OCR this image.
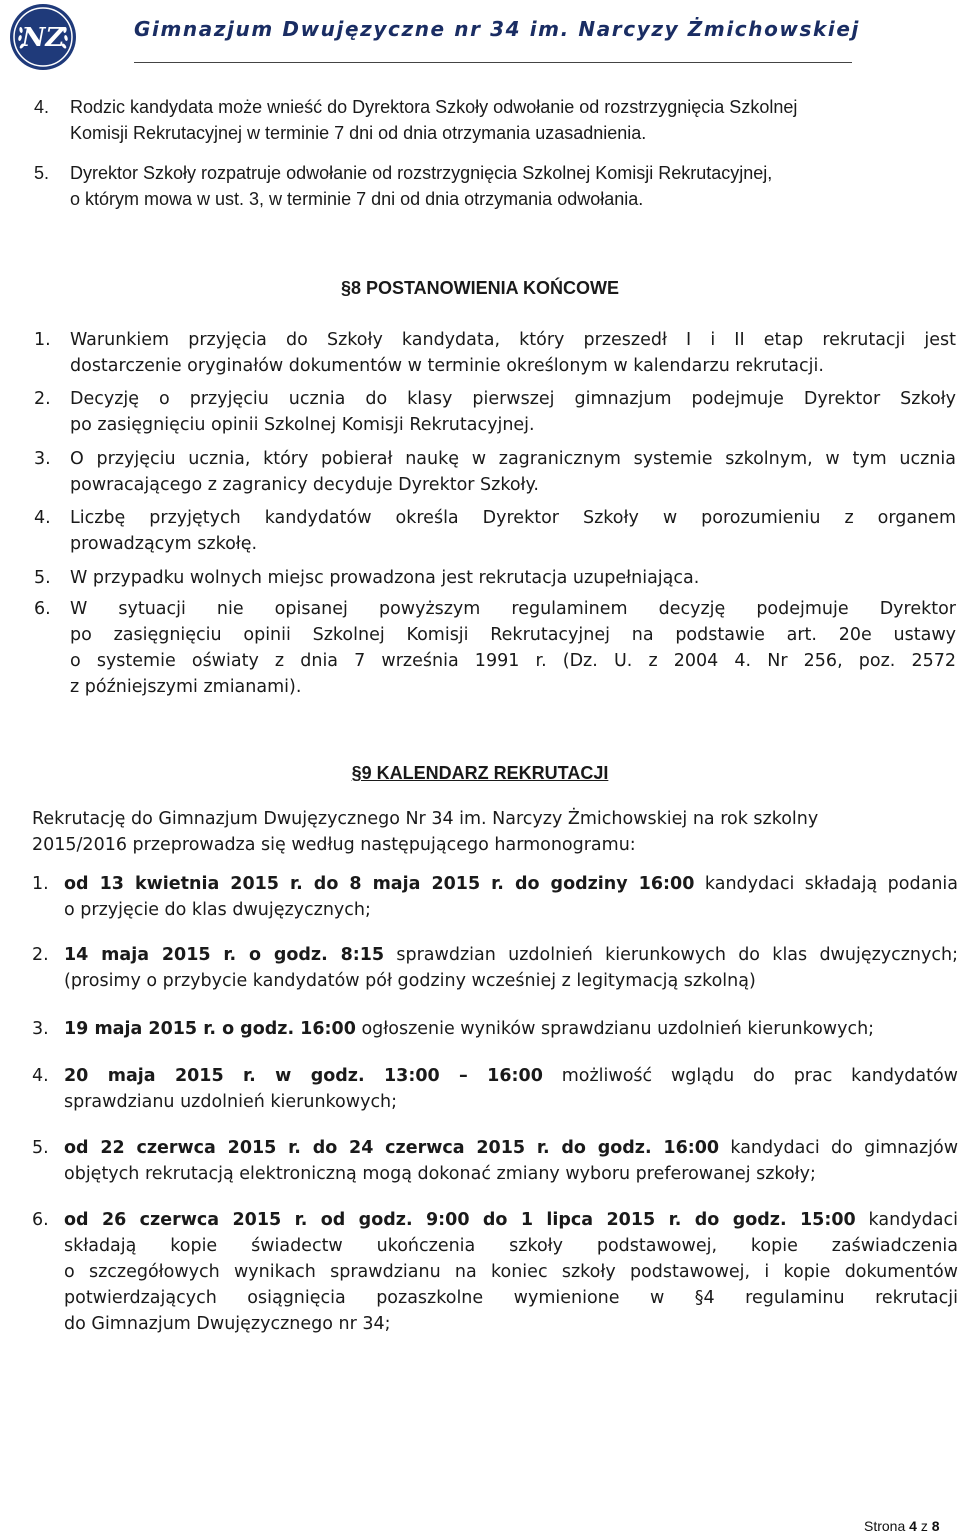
NZ	Gimnazjum Dwujęzyczne nr 34 im. Narcyzy Żmichowskiej
4. Rodzic kandydata może wnieść do Dyrektora Szkoły odwołanie od rozstrzygnięcia Szkolnej
Komisji Rekrutacyjnej w terminie 7 dni od dnia otrzymania uzasadnienia.
5. Dyrektor Szkoły rozpatruje odwołanie od rozstrzygnięcia Szkolnej Komisji Rekrutacyjnej,
o którym mowa w ust. 3, w terminie 7 dni od dnia otrzymania odwołania.
§8 POSTANOWIENIA KOŃCOWE
1. Warunkiem przyjęcia do Szkoły kandydata, który przeszedł I i II etap rekrutacji jest
dostarczenie oryginałów dokumentów w terminie określonym w kalendarzu rekrutacji.
2. Decyzję o przyjęciu ucznia do klasy pierwszej gimnazjum podejmuje Dyrektor Szkoły
po zasięgnięciu opinii Szkolnej Komisji Rekrutacyjnej.
3. O przyjęciu ucznia, który pobierał naukę w zagranicznym systemie szkolnym, w tym ucznia
powracającego z zagranicy decyduje Dyrektor Szkoły.
4. Liczbę przyjętych kandydatów określa Dyrektor Szkoły w porozumieniu z organem
prowadzącym szkołę.
5. W przypadku wolnych miejsc prowadzona jest rekrutacja uzupełniająca.
6. W sytuacji nie opisanej powyższym regulaminem decyzję podejmuje Dyrektor
po zasięgnięciu opinii Szkolnej Komisji Rekrutacyjnej na podstawie art. 20e ustawy
o systemie oświaty z dnia 7 września 1991 r. (Dz. U. z 2004 4. Nr 256, poz. 2572
z późniejszymi zmianami).
§9 KALENDARZ REKRUTACJI
Rekrutację do Gimnazjum Dwujęzycznego Nr 34 im. Narcyzy Żmichowskiej na rok szkolny
2015/2016 przeprowadza się według następującego harmonogramu:
1. od 13 kwietnia 2015 r. do 8 maja 2015 r. do godziny 16:00 kandydaci składają podania
o przyjęcie do klas dwujęzycznych;
2. 14 maja 2015 r. o godz. 8:15 sprawdzian uzdolnień kierunkowych do klas dwujęzycznych;
(prosimy o przybycie kandydatów pół godziny wcześniej z legitymacją szkolną)
3. 19 maja 2015 r. o godz. 16:00 ogłoszenie wyników sprawdzianu uzdolnień kierunkowych;
4. 20 maja 2015 r. w godz. 13:00 – 16:00 możliwość wglądu do prac kandydatów
sprawdzianu uzdolnień kierunkowych;
5. od 22 czerwca 2015 r. do 24 czerwca 2015 r. do godz. 16:00 kandydaci do gimnazjów
objętych rekrutacją elektroniczną mogą dokonać zmiany wyboru preferowanej szkoły;
6. od 26 czerwca 2015 r. od godz. 9:00 do 1 lipca 2015 r. do godz. 15:00 kandydaci
składają kopie świadectw ukończenia szkoły podstawowej, kopie zaświadczenia
o szczegółowych wynikach sprawdzianu na koniec szkoły podstawowej, i kopie dokumentów
potwierdzających osiągnięcia pozaszkolne wymienione w §4 regulaminu rekrutacji
do Gimnazjum Dwujęzycznego nr 34;
Strona 4 z 8
